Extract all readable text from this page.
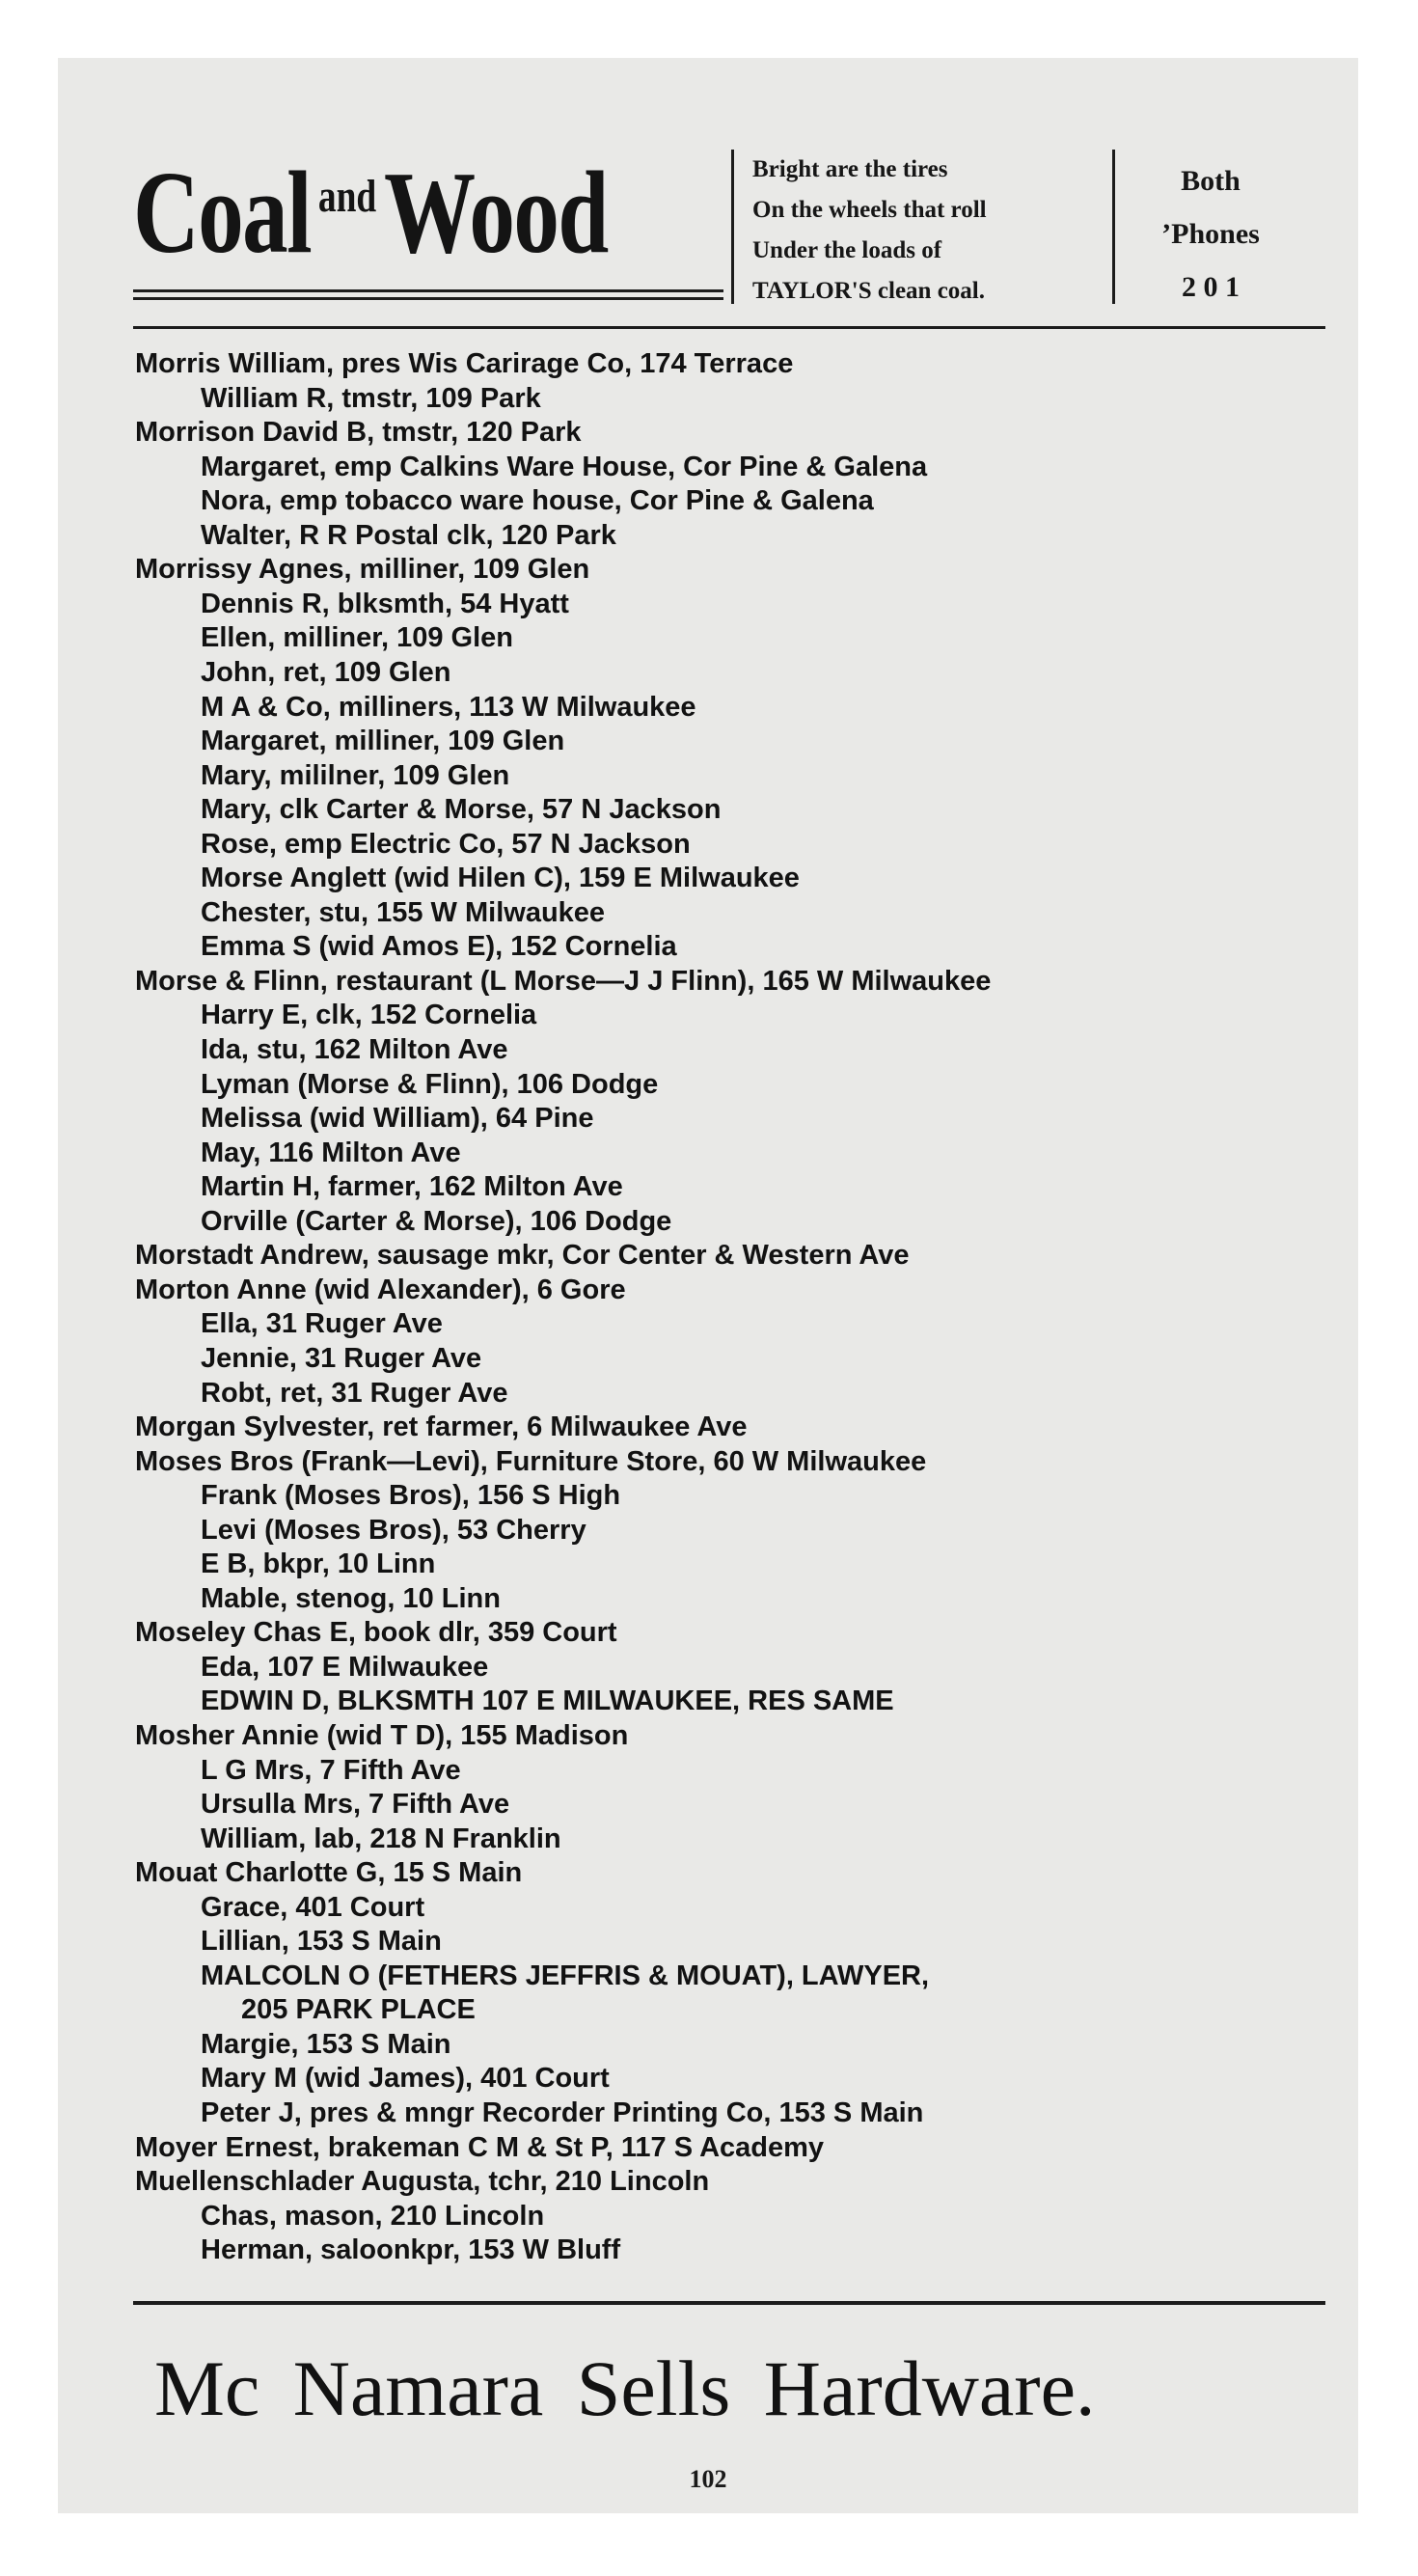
Coal andWood	Bright are the tires
On the wheels that roll
Under the loads of
TAYLOR'S clean coal.
Both
’Phones
2 0 1
Morris William, pres Wis Carirage Co, 174 Terrace
William R, tmstr, 109 Park
Morrison David B, tmstr, 120 Park
Margaret, emp Calkins Ware House, Cor Pine & Galena
Nora, emp tobacco ware house, Cor Pine & Galena
Walter, R R Postal clk, 120 Park
Morrissy Agnes, milliner, 109 Glen
Dennis R, blksmth, 54 Hyatt
Ellen, milliner, 109 Glen
John, ret, 109 Glen
M A & Co, milliners, 113 W Milwaukee
Margaret, milliner, 109 Glen
Mary, mililner, 109 Glen
Mary, clk Carter & Morse, 57 N Jackson
Rose, emp Electric Co, 57 N Jackson
Morse Anglett (wid Hilen C), 159 E Milwaukee
Chester, stu, 155 W Milwaukee
Emma S (wid Amos E), 152 Cornelia
Morse & Flinn, restaurant (L Morse—J J Flinn), 165 W Milwaukee
Harry E, clk, 152 Cornelia
Ida, stu, 162 Milton Ave
Lyman (Morse & Flinn), 106 Dodge
Melissa (wid William), 64 Pine
May, 116 Milton Ave
Martin H, farmer, 162 Milton Ave
Orville (Carter & Morse), 106 Dodge
Morstadt Andrew, sausage mkr, Cor Center & Western Ave
Morton Anne (wid Alexander), 6 Gore
Ella, 31 Ruger Ave
Jennie, 31 Ruger Ave
Robt, ret, 31 Ruger Ave
Morgan Sylvester, ret farmer, 6 Milwaukee Ave
Moses Bros (Frank—Levi), Furniture Store, 60 W Milwaukee
Frank (Moses Bros), 156 S High
Levi (Moses Bros), 53 Cherry
E B, bkpr, 10 Linn
Mable, stenog, 10 Linn
Moseley Chas E, book dlr, 359 Court
Eda, 107 E Milwaukee
EDWIN D, BLKSMTH 107 E MILWAUKEE, RES SAME
Mosher Annie (wid T D), 155 Madison
L G Mrs, 7 Fifth Ave
Ursulla Mrs, 7 Fifth Ave
William, lab, 218 N Franklin
Mouat Charlotte G, 15 S Main
Grace, 401 Court
Lillian, 153 S Main
MALCOLN O (FETHERS JEFFRIS & MOUAT), LAWYER,
205 PARK PLACE
Margie, 153 S Main
Mary M (wid James), 401 Court
Peter J, pres & mngr Recorder Printing Co, 153 S Main
Moyer Ernest, brakeman C M & St P, 117 S Academy
Muellenschlader Augusta, tchr, 210 Lincoln
Chas, mason, 210 Lincoln
Herman, saloonkpr, 153 W Bluff
Mc Namara Sells Hardware.
102
